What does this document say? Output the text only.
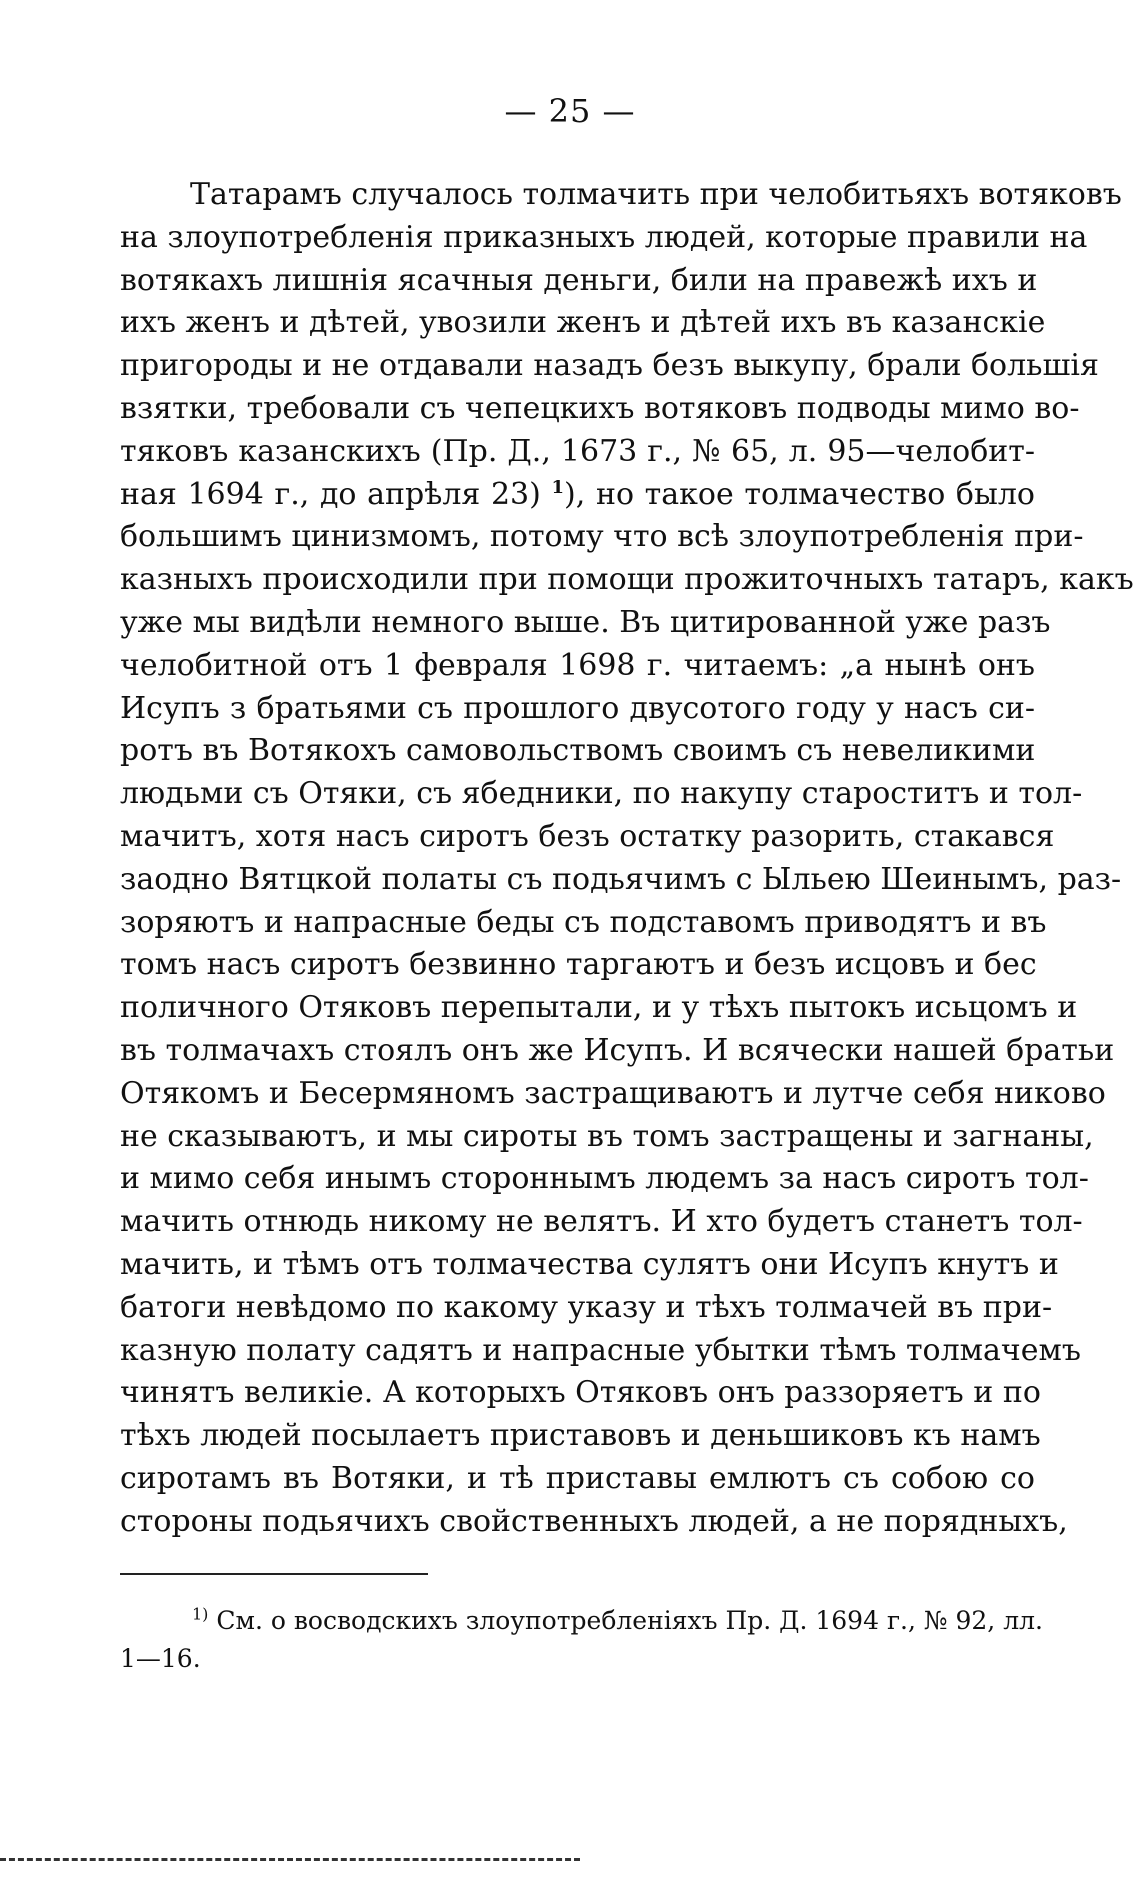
— 25 —
Татарамъ случалось толмачить при челобитьяхъ вотяковъ
на злоупотребленія приказныхъ людей, которые правили на
вотякахъ лишнія ясачныя деньги, били на правежѣ ихъ и
ихъ женъ и дѣтей, увозили женъ и дѣтей ихъ въ казанскіе
пригороды и не отдавали назадъ безъ выкупу, брали большія
взятки, требовали съ чепецкихъ вотяковъ подводы мимо во-
тяковъ казанскихъ (Пр. Д., 1673 г., № 65, л. 95—челобит-
ная 1694 г., до апрѣля 23) $^1$), но такое толмачество было
большимъ цинизмомъ, потому что всѣ злоупотребленія при-
казныхъ происходили при помощи прожиточныхъ татаръ, какъ
уже мы видѣли немного выше. Въ цитированной уже разъ
челобитной отъ 1 февраля 1698 г. читаемъ: „а нынѣ онъ
Исупъ з братьями съ прошлого двусотого году у насъ си-
ротъ въ Вотякохъ самовольствомъ своимъ съ невеликими
людьми съ Отяки, съ ябедники, по накупу староститъ и тол-
мачитъ, хотя насъ сиротъ безъ остатку разорить, стакався
заодно Вятцкой полаты съ подьячимъ с Ыльею Шеинымъ, раз-
зоряютъ и напрасные беды съ подставомъ приводятъ и въ
томъ насъ сиротъ безвинно таргаютъ и безъ исцовъ и бес
поличного Отяковъ перепытали, и у тѣхъ пытокъ исьцомъ и
въ толмачахъ стоялъ онъ же Исупъ. И всячески нашей братьи
Отякомъ и Бесермяномъ застращиваютъ и лутче себя никово
не сказываютъ, и мы сироты въ томъ застращены и загнаны,
и мимо себя инымъ стороннымъ людемъ за насъ сиротъ тол-
мачить отнюдь никому не велятъ. И хто будетъ станетъ тол-
мачить, и тѣмъ отъ толмачества сулятъ они Исупъ кнутъ и
батоги невѣдомо по какому указу и тѣхъ толмачей въ при-
казную полату садятъ и напрасные убытки тѣмъ толмачемъ
чинятъ великіе. А которыхъ Отяковъ онъ раззоряетъ и по
тѣхъ людей посылаетъ приставовъ и деньшиковъ къ намъ
сиротамъ въ Вотяки, и тѣ приставы емлютъ съ собою со
стороны подьячихъ свойственныхъ людей, а не порядныхъ,
$^{1)}$ См. о восводскихъ злоупотребленіяхъ Пр. Д. 1694 г., № 92, лл.
1—16.
